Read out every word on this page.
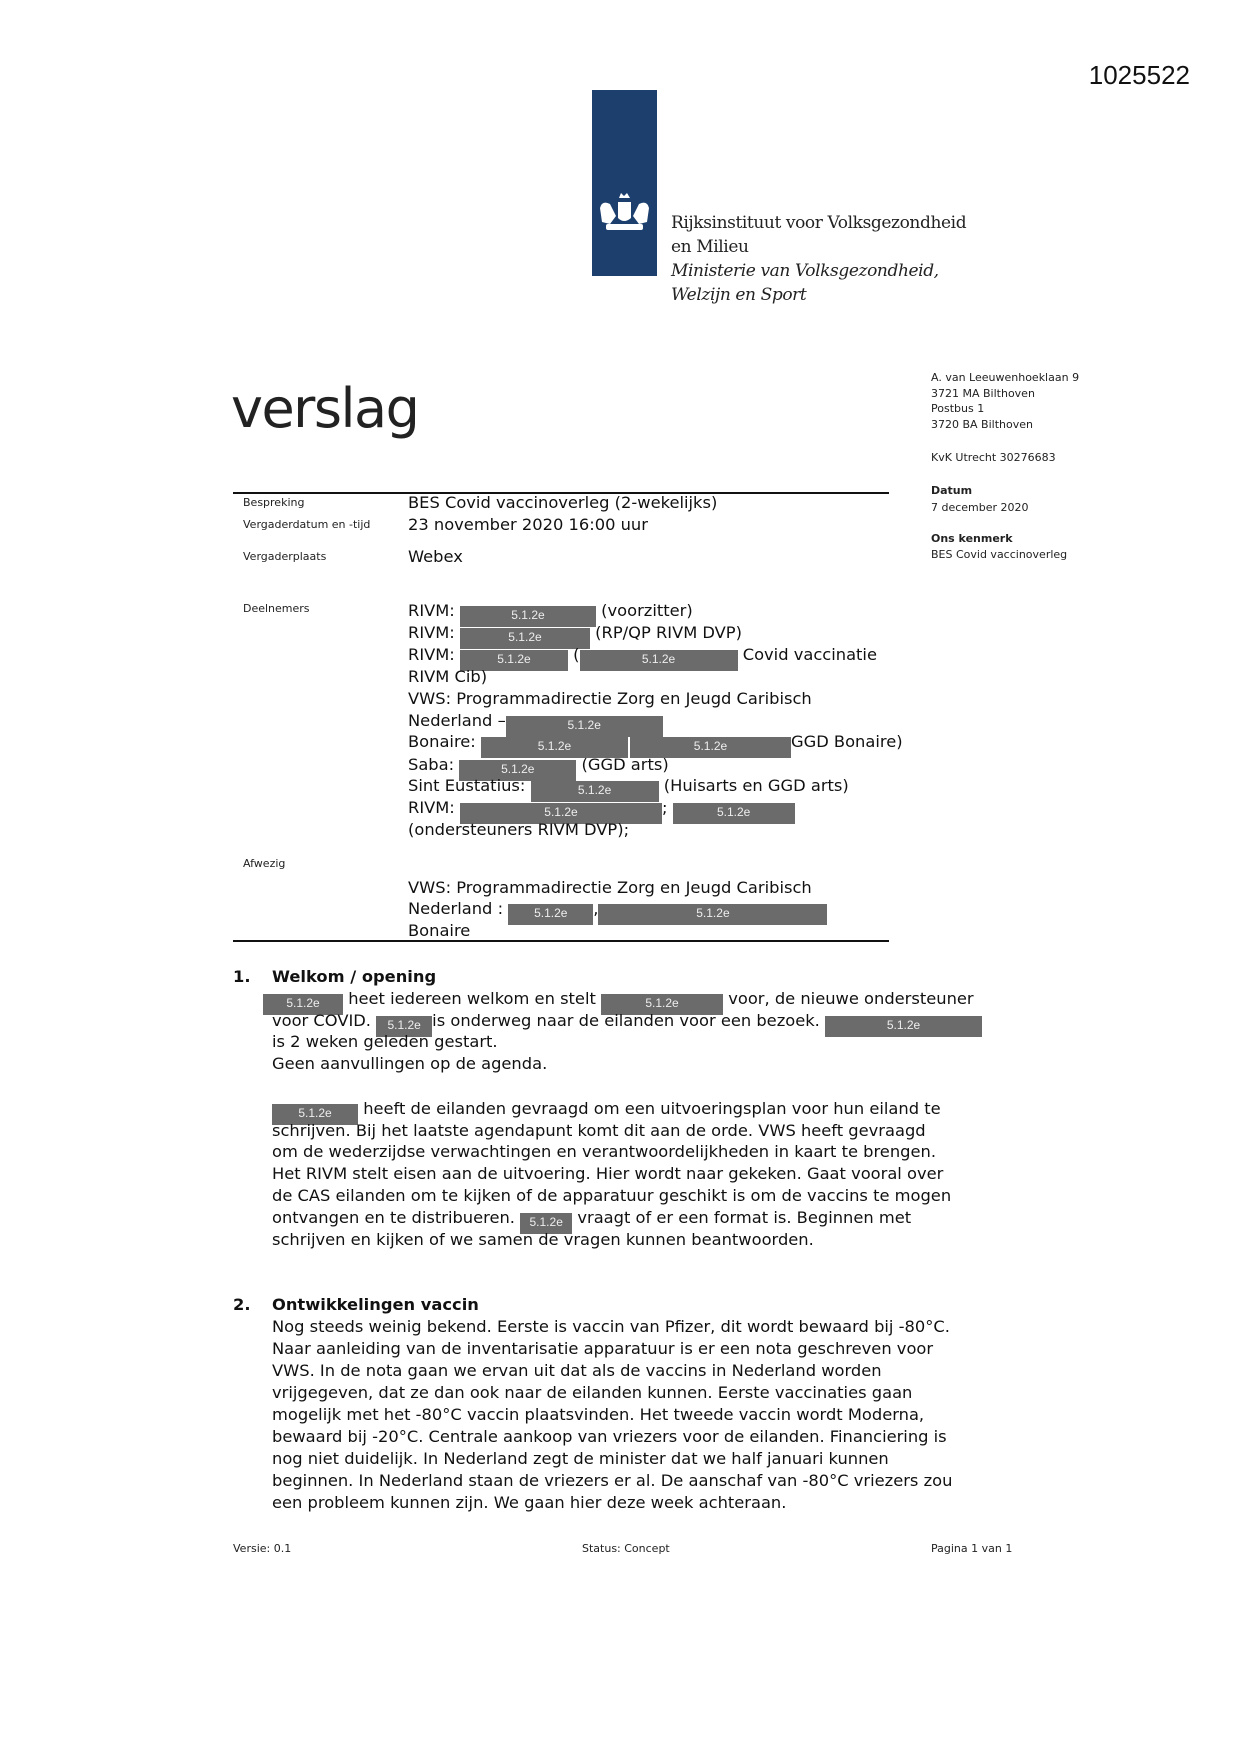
1025522
Rijksinstituut voor Volksgezondheid
en Milieu
Ministerie van Volksgezondheid,
Welzijn en Sport
verslag	A. van Leeuwenhoeklaan 9
3721 MA Bilthoven
Postbus 1
3720 BA Bilthoven
KvK Utrecht 30276683
Datum
7 december 2020
Ons kenmerk
BES Covid vaccinoverleg
Bespreking	BES Covid vaccinoverleg (2-wekelijks)
Vergaderdatum en -tijd 23 november 2020 16:00 uur
Vergaderplaats	Webex
Deelnemers	RIVM:	5.1.2e	(voorzitter)
RIVM:	5.1.2e	(RP/QP RIVM DVP)
RIVM:	5.1.2e	(	5.1.2e	Covid vaccinatie
RIVM Cib)
VWS: Programmadirectie Zorg en Jeugd Caribisch
Nederland –	5.1.2e
Bonaire:	5.1.2e	5.1.2e	GGD Bonaire)
Saba:	5.1.2e	(GGD arts)
Sint Eustatius:	5.1.2e	(Huisarts en GGD arts)
RIVM:	5.1.2e	;	5.1.2e
(ondersteuners RIVM DVP);
Afwezig
VWS: Programmadirectie Zorg en Jeugd Caribisch
Nederland :	5.1.2e ,	5.1.2e
Bonaire
1. Welkom / opening
5.1.2e heet iedereen welkom en stelt	5.1.2e	voor, de nieuwe ondersteuner
voor COVID. 5.1.2e is onderweg naar de eilanden voor een bezoek.	5.1.2e
is 2 weken geleden gestart.
Geen aanvullingen op de agenda.
5.1.2e heeft de eilanden gevraagd om een uitvoeringsplan voor hun eiland te
schrijven. Bij het laatste agendapunt komt dit aan de orde. VWS heeft gevraagd
om de wederzijdse verwachtingen en verantwoordelijkheden in kaart te brengen.
Het RIVM stelt eisen aan de uitvoering. Hier wordt naar gekeken. Gaat vooral over
de CAS eilanden om te kijken of de apparatuur geschikt is om de vaccins te mogen
ontvangen en te distribueren. 5.1.2e vraagt of er een format is. Beginnen met
schrijven en kijken of we samen de vragen kunnen beantwoorden.
2. Ontwikkelingen vaccin
Nog steeds weinig bekend. Eerste is vaccin van Pfizer, dit wordt bewaard bij -80°C.
Naar aanleiding van de inventarisatie apparatuur is er een nota geschreven voor
VWS. In de nota gaan we ervan uit dat als de vaccins in Nederland worden
vrijgegeven, dat ze dan ook naar de eilanden kunnen. Eerste vaccinaties gaan
mogelijk met het -80°C vaccin plaatsvinden. Het tweede vaccin wordt Moderna,
bewaard bij -20°C. Centrale aankoop van vriezers voor de eilanden. Financiering is
nog niet duidelijk. In Nederland zegt de minister dat we half januari kunnen
beginnen. In Nederland staan de vriezers er al. De aanschaf van -80°C vriezers zou
een probleem kunnen zijn. We gaan hier deze week achteraan.
Versie: 0.1	Status: Concept	Pagina 1 van 1
